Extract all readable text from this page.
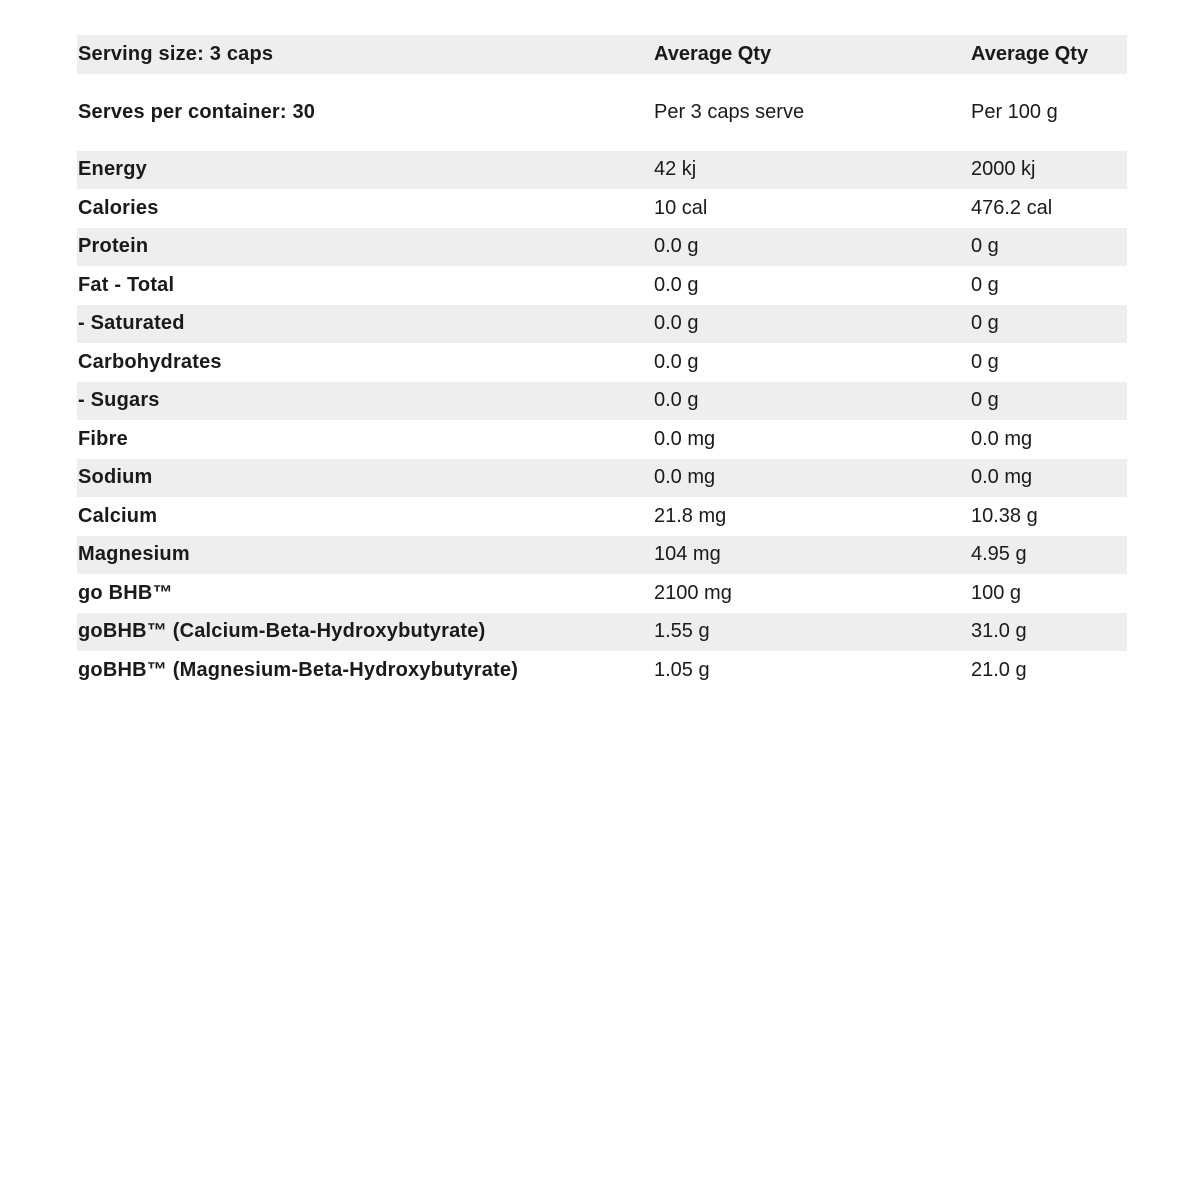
Serving size: 3 caps	Average Qty	Average Qty
Serves per container: 30	Per 3 caps serve	Per 100 g
Energy	42 kj	2000 kj
Calories	10 cal	476.2 cal
Protein	0.0 g	0 g
Fat - Total	0.0 g	0 g
- Saturated	0.0 g	0 g
Carbohydrates	0.0 g	0 g
- Sugars	0.0 g	0 g
Fibre	0.0 mg	0.0 mg
Sodium	0.0 mg	0.0 mg
Calcium	21.8 mg	10.38 g
Magnesium	104 mg	4.95 g
go BHB™	2100 mg	100 g
goBHB™ (Calcium-Beta-Hydroxybutyrate)	1.55 g	31.0 g
goBHB™ (Magnesium-Beta-Hydroxybutyrate)	1.05 g	21.0 g
